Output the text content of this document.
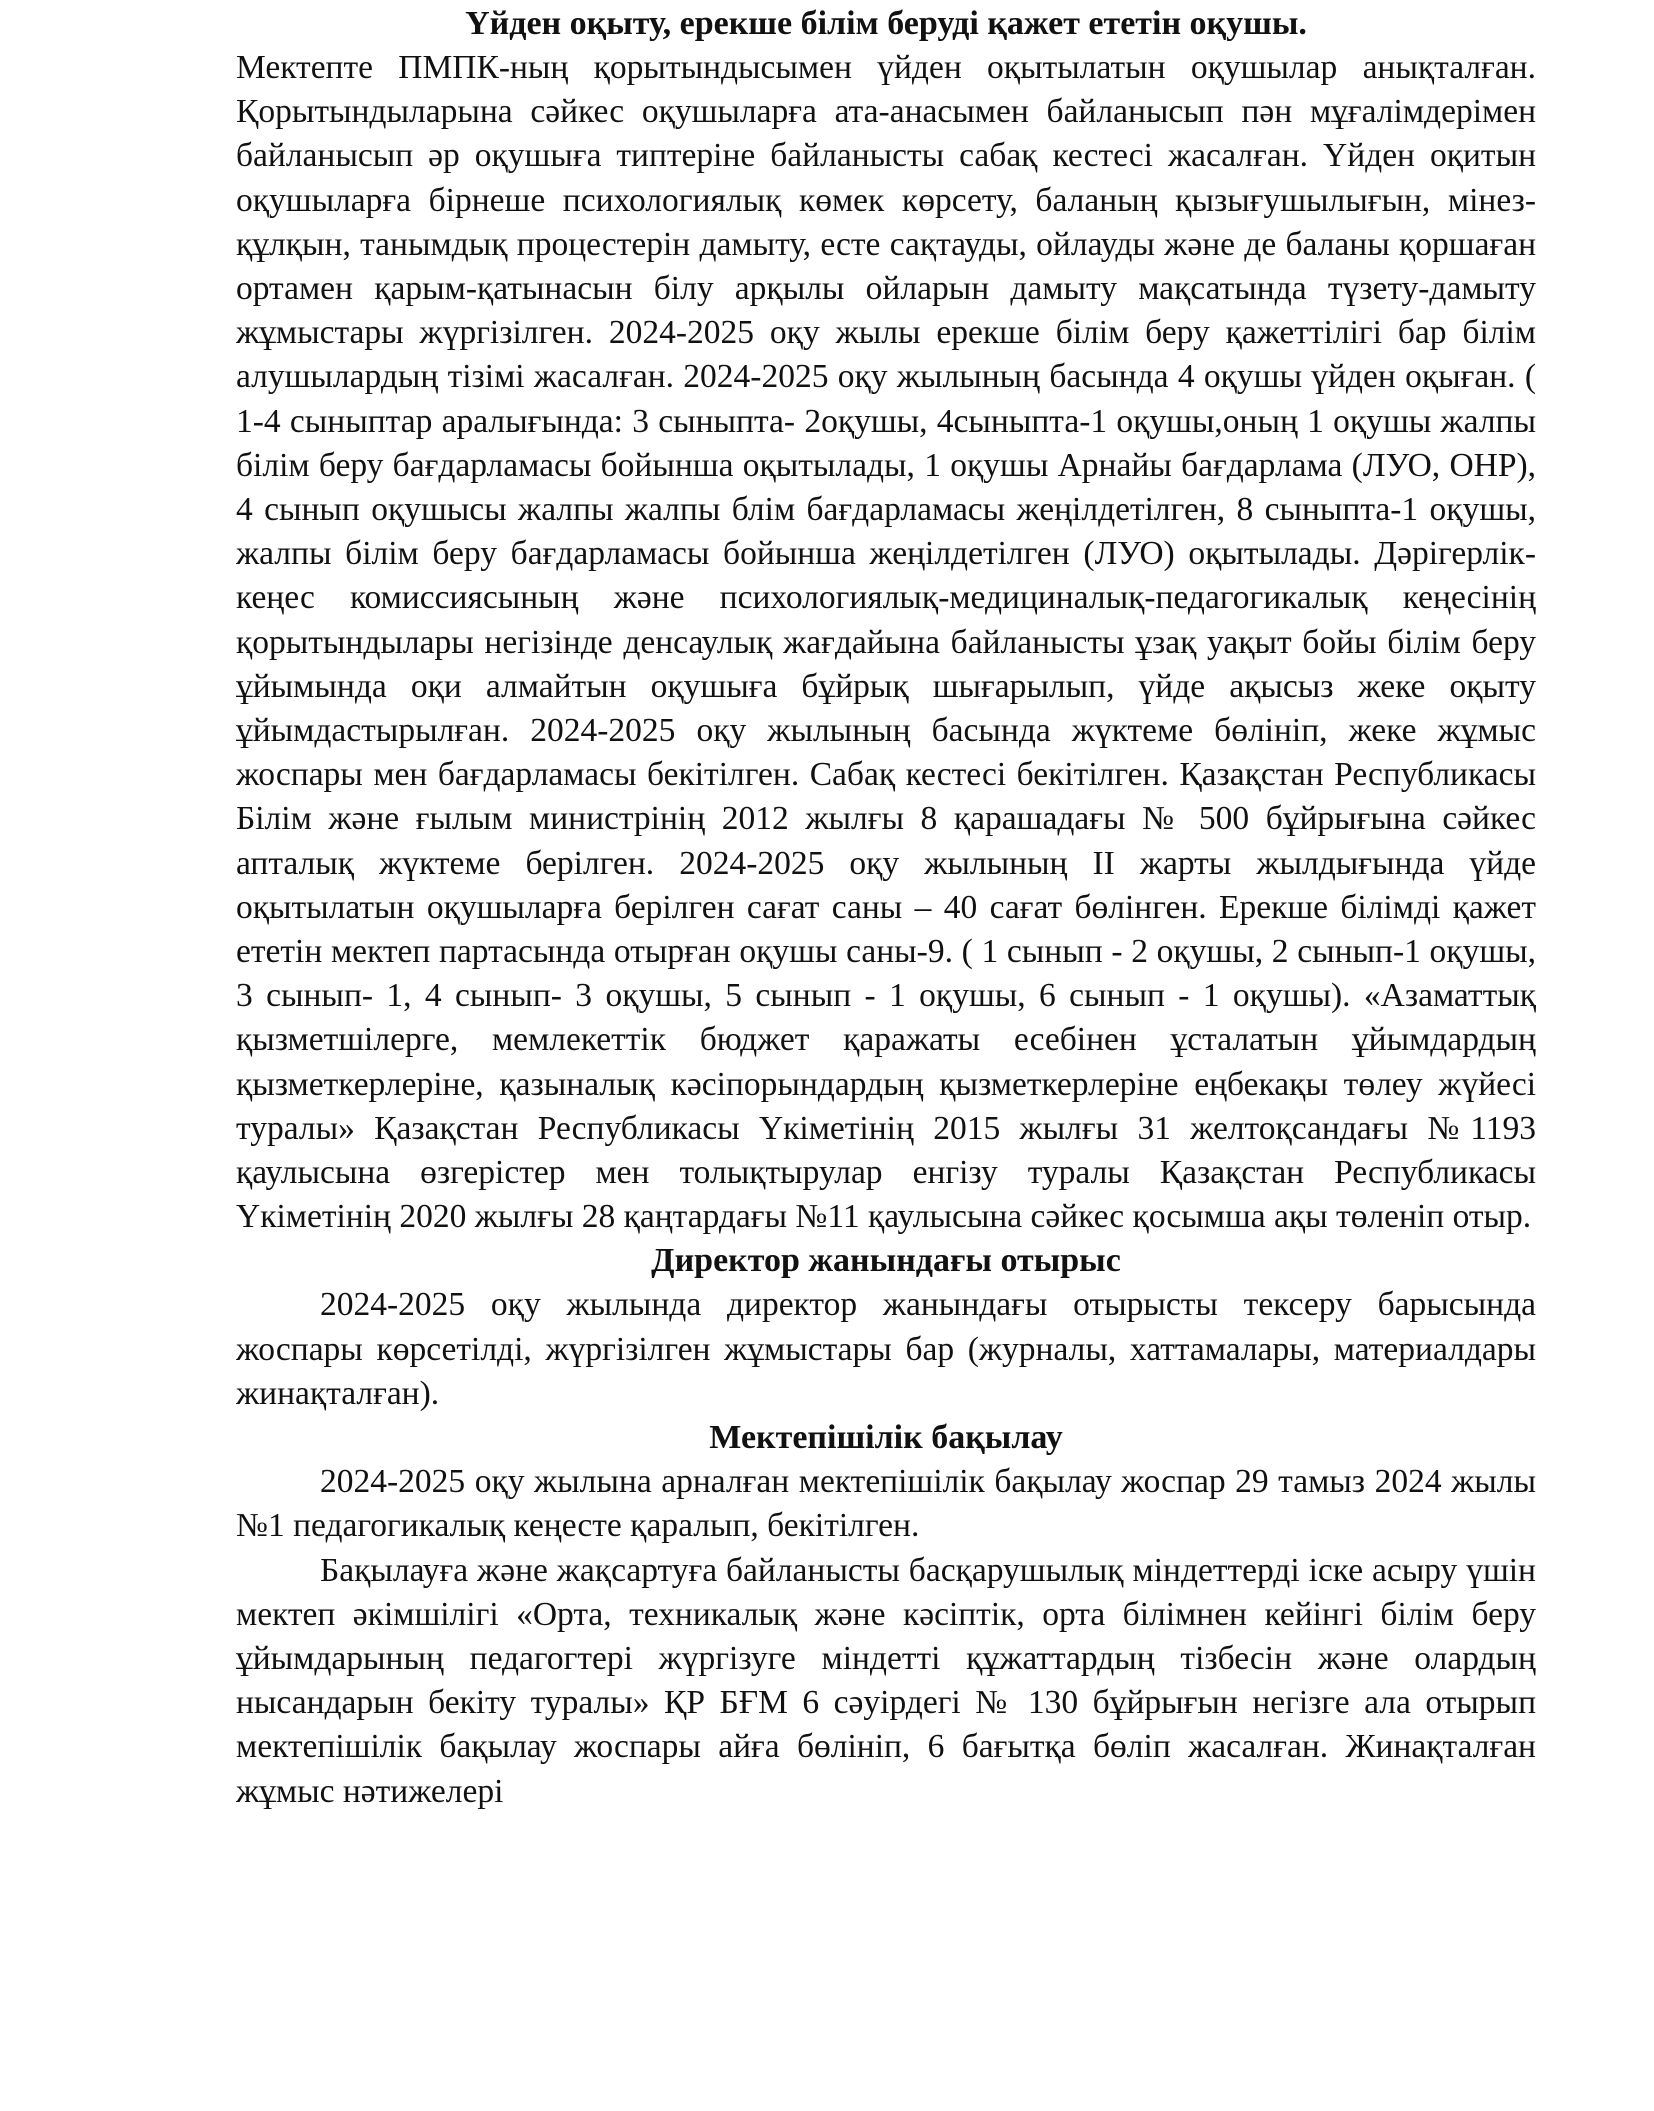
Үйден оқыту, ерекше білім беруді қажет ететін оқушы.

Мектепте ПМПК-ның қорытындысымен үйден оқытылатын оқушылар анықталған. Қорытындыларына сәйкес оқушыларға ата-анасымен байланысып пән мұғалімдерімен байланысып әр оқушыға типтеріне байланысты сабақ кестесі жасалған. Үйден оқитын оқушыларға бірнеше психологиялық көмек көрсету, баланың қызығушылығын, мінез-құлқын, танымдық процестерін дамыту, есте сақтауды, ойлауды және де баланы қоршаған ортамен қарым-қатынасын білу арқылы ойларын дамыту мақсатында түзету-дамыту жұмыстары жүргізілген. 2024-2025 оқу жылы ерекше білім беру қажеттілігі бар білім алушылардың тізімі жасалған. 2024-2025 оқу жылының басында 4 оқушы үйден оқыған. ( 1-4 сыныптар аралығында: 3 сыныпта- 2оқушы, 4сыныпта-1 оқушы,оның 1 оқушы жалпы білім беру бағдарламасы бойынша оқытылады, 1 оқушы Арнайы бағдарлама (ЛУО, ОНР), 4 сынып оқушысы жалпы жалпы блім бағдарламасы жеңілдетілген, 8 сыныпта-1 оқушы, жалпы білім беру бағдарламасы бойынша жеңілдетілген (ЛУО) оқытылады. Дәрігерлік-кеңес комиссиясының және психологиялық-медициналық-педагогикалық кеңесінің қорытындылары негізінде денсаулық жағдайына байланысты ұзақ уақыт бойы білім беру ұйымында оқи алмайтын оқушыға бұйрық шығарылып, үйде ақысыз жеке оқыту ұйымдастырылған. 2024-2025 оқу жылының басында жүктеме бөлініп, жеке жұмыс жоспары мен бағдарламасы бекітілген. Сабақ кестесі бекітілген. Қазақстан Республикасы Білім және ғылым министрінің 2012 жылғы 8 қарашадағы № 500 бұйрығына сәйкес апталық жүктеме берілген. 2024-2025 оқу жылының ІІ жарты жылдығында үйде оқытылатын оқушыларға берілген сағат саны – 40 сағат бөлінген. Ерекше білімді қажет ететін мектеп партасында отырған оқушы саны-9. ( 1 сынып - 2 оқушы, 2 сынып-1 оқушы, 3 сынып- 1, 4 сынып- 3 оқушы, 5 сынып - 1 оқушы, 6 сынып - 1 оқушы). «Азаматтық қызметшілерге, мемлекеттік бюджет қаражаты есебінен ұсталатын ұйымдардың қызметкерлеріне, қазыналық кәсіпорындардың қызметкерлеріне еңбекақы төлеу жүйесі туралы» Қазақстан Республикасы Үкіметінің 2015 жылғы 31 желтоқсандағы №1193 қаулысына өзгерістер мен толықтырулар енгізу туралы Қазақстан Республикасы Үкіметінің 2020 жылғы 28 қаңтардағы №11 қаулысына сәйкес қосымша ақы төленіп отыр.

Директор жанындағы отырыс

2024-2025 оқу жылында директор жанындағы отырысты тексеру барысында жоспары көрсетілді, жүргізілген жұмыстары бар (журналы, хаттамалары, материалдары жинақталған).

Мектепішілік бақылау

2024-2025 оқу жылына арналған мектепішілік бақылау жоспар 29 тамыз 2024 жылы №1 педагогикалық кеңесте қаралып, бекітілген.

Бақылауға және жақсартуға байланысты басқарушылық міндеттерді іске асыру үшін мектеп әкімшілігі «Орта, техникалық және кәсіптік, орта білімнен кейінгі білім беру ұйымдарының педагогтері жүргізуге міндетті құжаттардың тізбесін және олардың нысандарын бекіту туралы» ҚР БҒМ 6 сәуірдегі № 130 бұйрығын негізге ала отырып мектепішілік бақылау жоспары айға бөлініп, 6 бағытқа бөліп жасалған. Жинақталған жұмыс нәтижелері
